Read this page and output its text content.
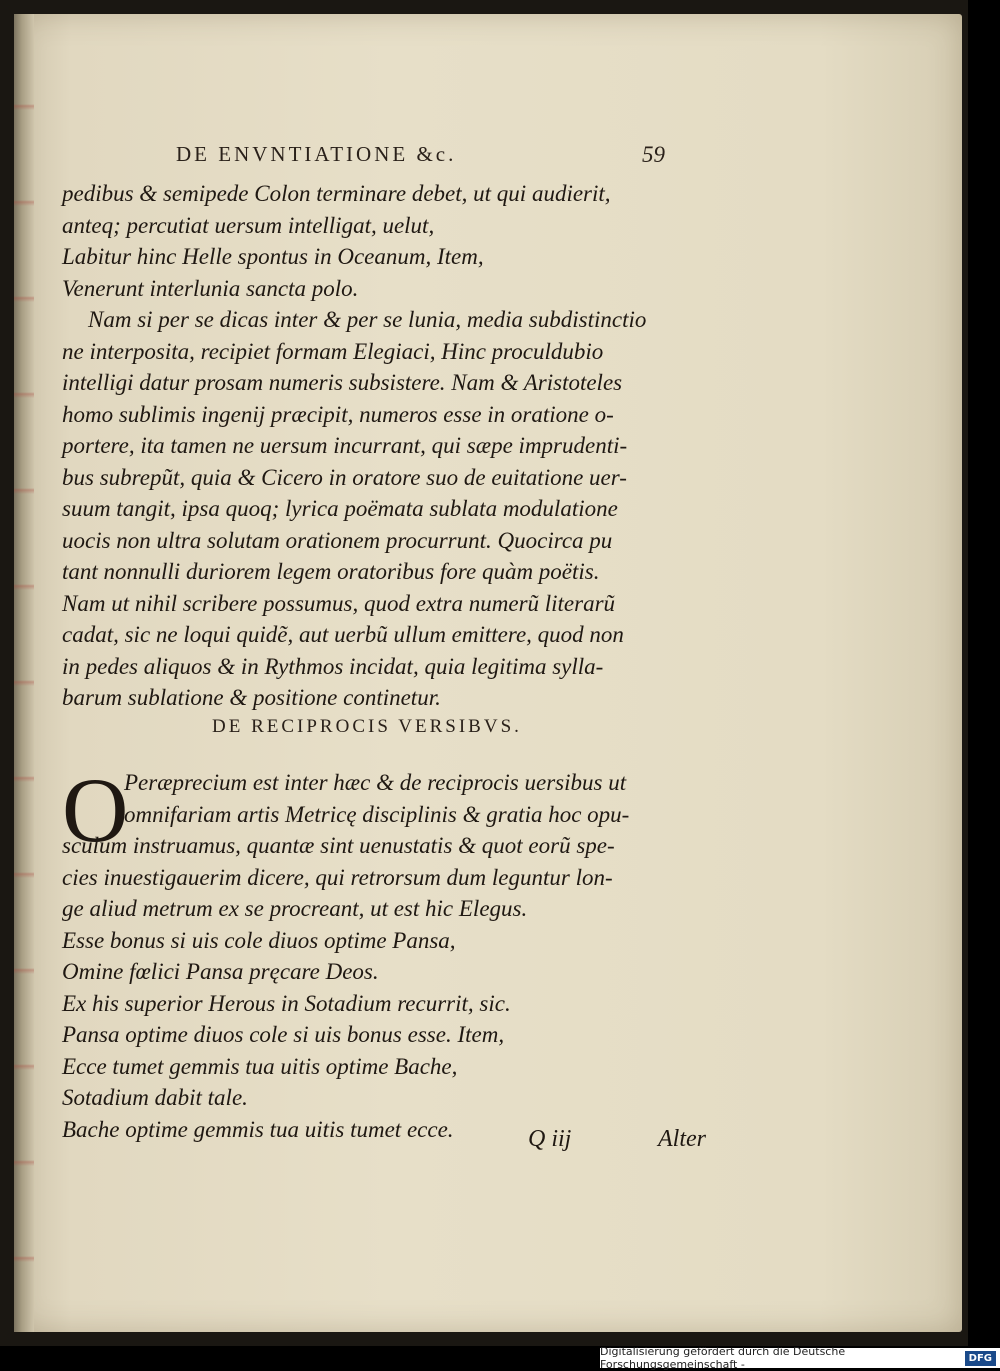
DE ENVNTIATIONE &c.	59
pedibus & semipede Colon terminare debet, ut qui audierit,
anteq; percutiat uersum intelligat, uelut,
Labitur hinc Helle spontus in Oceanum, Item,
Venerunt interlunia sancta polo.
Nam si per se dicas inter & per se lunia, media subdistinctio
ne interposita, recipiet formam Elegiaci, Hinc proculdubio
intelligi datur prosam numeris subsistere. Nam & Aristoteles
homo sublimis ingenij præcipit, numeros esse in oratione o-
portere, ita tamen ne uersum incurrant, qui sæpe imprudenti-
bus subrepũt, quia & Cicero in oratore suo de euitatione uer-
suum tangit, ipsa quoq; lyrica poëmata sublata modulatione
uocis non ultra solutam orationem procurrunt. Quocirca pu
tant nonnulli duriorem legem oratoribus fore quàm poëtis.
Nam ut nihil scribere possumus, quod extra numerũ literarũ
cadat, sic ne loqui quidẽ, aut uerbũ ullum emittere, quod non
in pedes aliquos & in Rythmos incidat, quia legitima sylla-
barum sublatione & positione continetur.
DE RECIPROCIS VERSIBVS.
O
Peræprecium est inter hæc & de reciprocis uersibus ut
omnifariam artis Metricę disciplinis & gratia hoc opu-
sculum instruamus, quantæ sint uenustatis & quot eorũ spe-
cies inuestigauerim dicere, qui retrorsum dum leguntur lon-
ge aliud metrum ex se procreant, ut est hic Elegus.
Esse bonus si uis cole diuos optime Pansa,
Omine fœlici Pansa pręcare Deos.
Ex his superior Herous in Sotadium recurrit, sic.
Pansa optime diuos cole si uis bonus esse. Item,
Ecce tumet gemmis tua uitis optime Bache,
Sotadium dabit tale.
Bache optime gemmis tua uitis tumet ecce.	Q iij	Alter
Digitalisierung gefördert durch die Deutsche Forschungsgemeinschaft -	DFG
